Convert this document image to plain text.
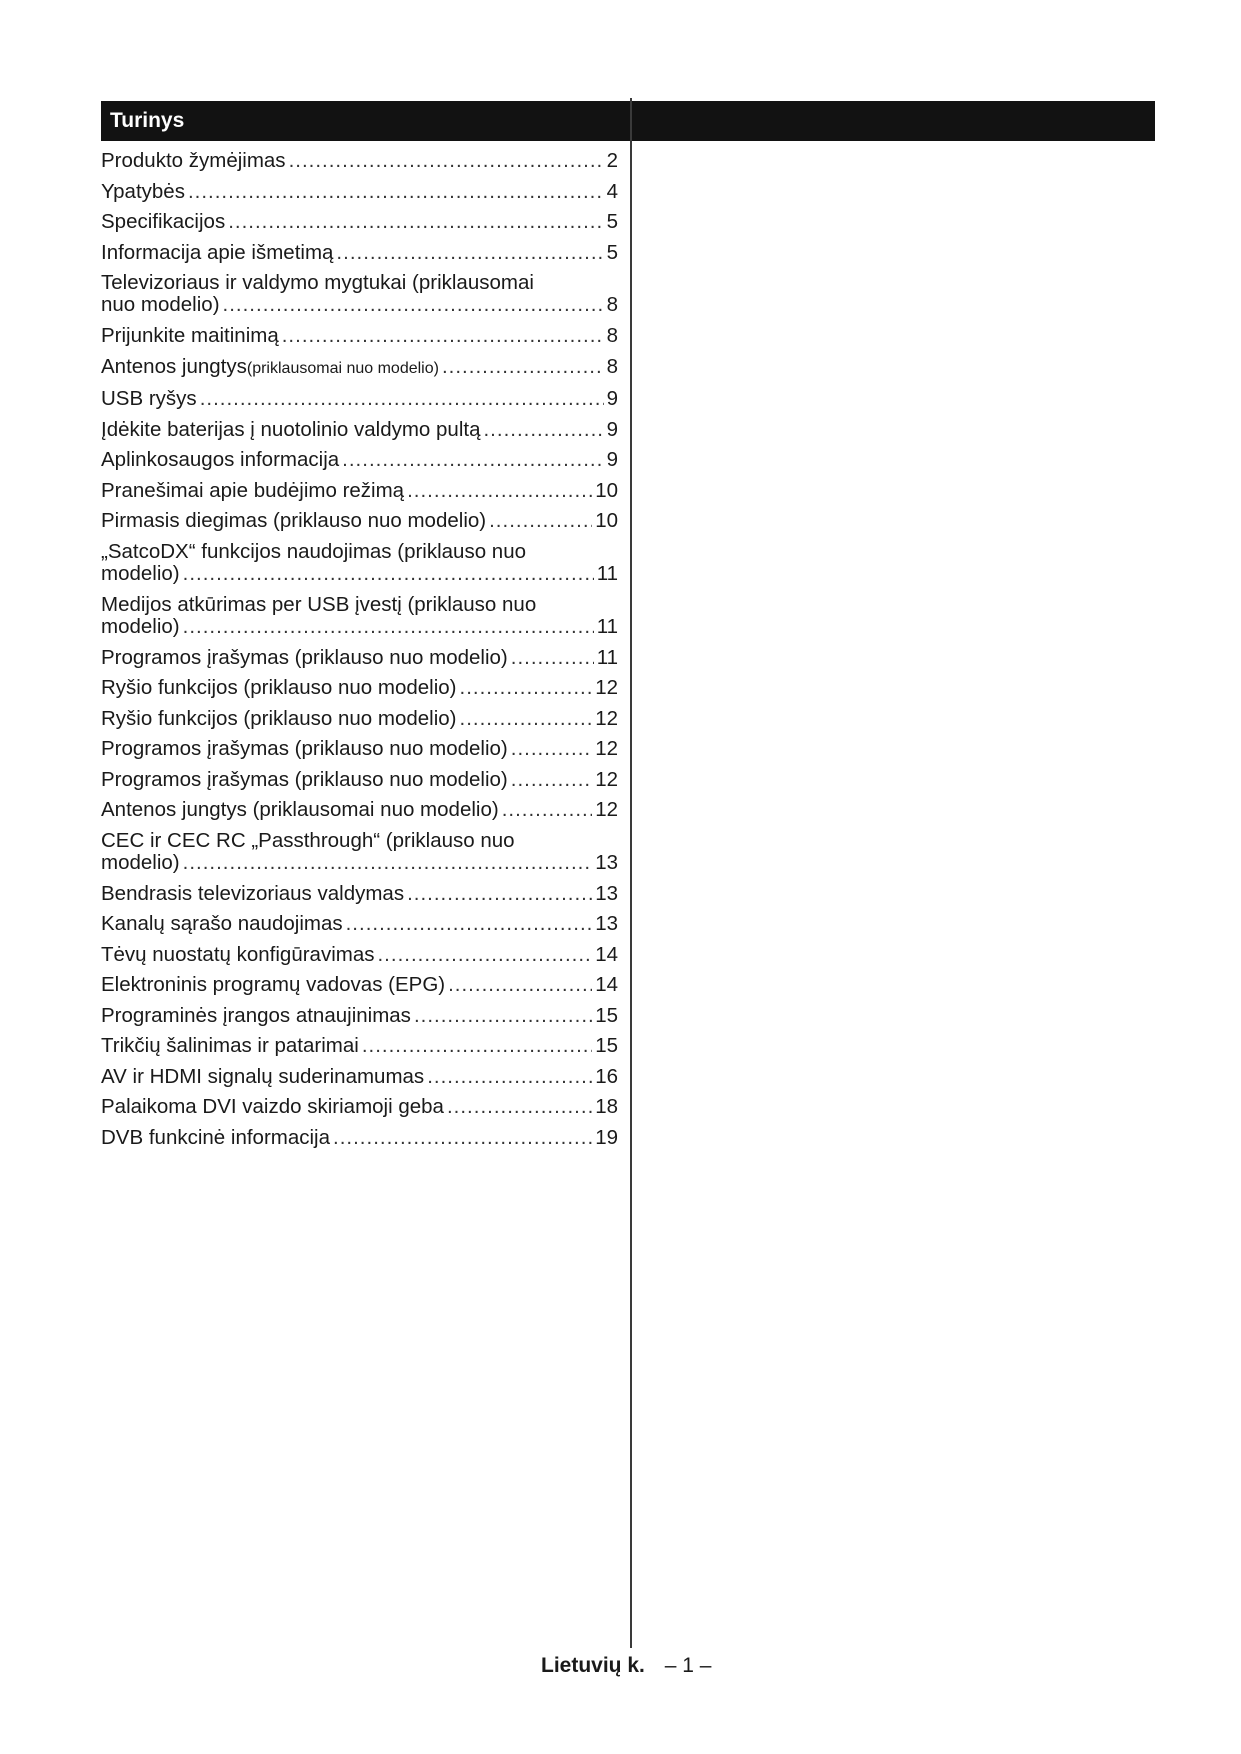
Turinys
Produkto žymėjimas .....	2
Ypatybės .....	4
Specifikacijos .....	5
Informacija apie išmetimą .....	5
Televizoriaus ir valdymo mygtukai (priklausomai
nuo modelio) .....	8
Prijunkite maitinimą .....	8
Antenos jungtys (priklausomai nuo modelio) .....	8
USB ryšys .....	9
Įdėkite baterijas į nuotolinio valdymo pultą .....	9
Aplinkosaugos informacija .....	9
Pranešimai apie budėjimo režimą .....	10
Pirmasis diegimas (priklauso nuo modelio) .....	10
„SatcoDX“ funkcijos naudojimas (priklauso nuo
modelio) .....	11
Medijos atkūrimas per USB įvestį (priklauso nuo
modelio) .....	11
Programos įrašymas (priklauso nuo modelio) .....	11
Ryšio funkcijos (priklauso nuo modelio) .....	12
Ryšio funkcijos (priklauso nuo modelio) .....	12
Programos įrašymas (priklauso nuo modelio) .....	12
Programos įrašymas (priklauso nuo modelio) .....	12
Antenos jungtys (priklausomai nuo modelio) .....	12
CEC ir CEC RC „Passthrough“ (priklauso nuo
modelio) .....	13
Bendrasis televizoriaus valdymas .....	13
Kanalų sąrašo naudojimas .....	13
Tėvų nuostatų konfigūravimas .....	14
Elektroninis programų vadovas (EPG) .....	14
Programinės įrangos atnaujinimas .....	15
Trikčių šalinimas ir patarimai .....	15
AV ir HDMI signalų suderinamumas .....	16
Palaikoma DVI vaizdo skiriamoji geba .....	18
DVB funkcinė informacija .....	19
Lietuvių k. – 1 –
